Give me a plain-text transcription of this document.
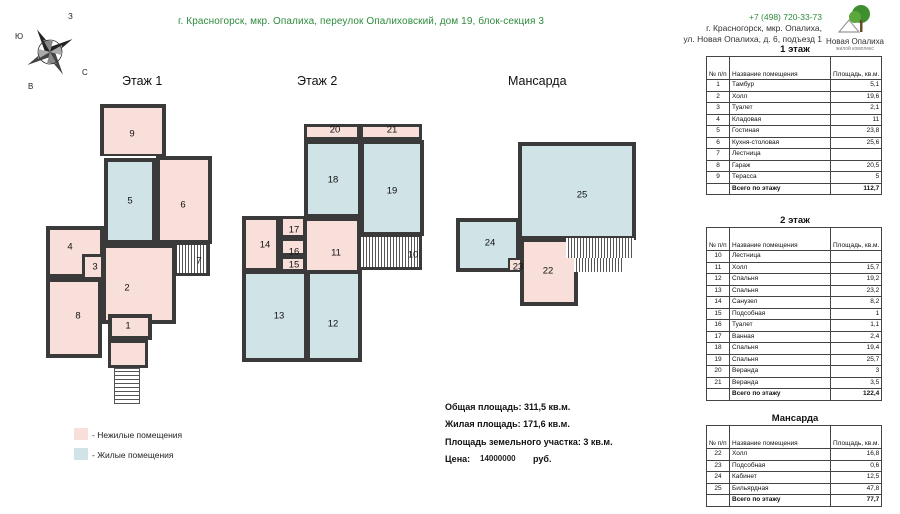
г. Красногорск, мкр. Опалиха, переулок Опалиховский, дом 19, блок-секция 3	+7 (498) 720-33-73
г. Красногорск, мкр. Опалиха,
ул. Новая Опалиха, д. 6, подъезд 1 Новая Опалиха
жилой комплекс
З
С
Ю
В	Этаж 1	Этаж 2	Мансарда
9
5	6
7
4
3
2
8
1
20	21
18
19
14
17
16
15
11	10
13
12
25
24
23 22
Общая площадь: 311,5 кв.м.
Жилая площадь: 171,6 кв.м.
Площадь земельного участка: 3 кв.м.
Цена: 14000000 руб.
- Нежилые помещения
- Жилые помещения
1 этаж
№ п/п	Название помещения	Площадь, кв.м.
1	Тамбур	5,1
2	Холл	19,6
3	Туалет	2,1
4	Кладовая	11
5	Гостиная	23,8
6	Кухня-столовая	25,6
7	Лестница	
8	Гараж	20,5
9	Терасса	5
	Всего по этажу	112,7
2 этаж
№ п/п	Название помещения	Площадь, кв.м.
10	Лестница	
11	Холл	15,7
12	Спальня	19,2
13	Спальня	23,2
14	Санузел	8,2
15	Подсобная	1
16	Туалет	1,1
17	Ванная	2,4
18	Спальня	19,4
19	Спальня	25,7
20	Веранда	3
21	Веранда	3,5
	Всего по этажу	122,4
Мансарда
№ п/п	Название помещения	Площадь, кв.м.
22	Холл	16,8
23	Подсобная	0,6
24	Кабинет	12,5
25	Бильярдная	47,8
	Всего по этажу	77,7
